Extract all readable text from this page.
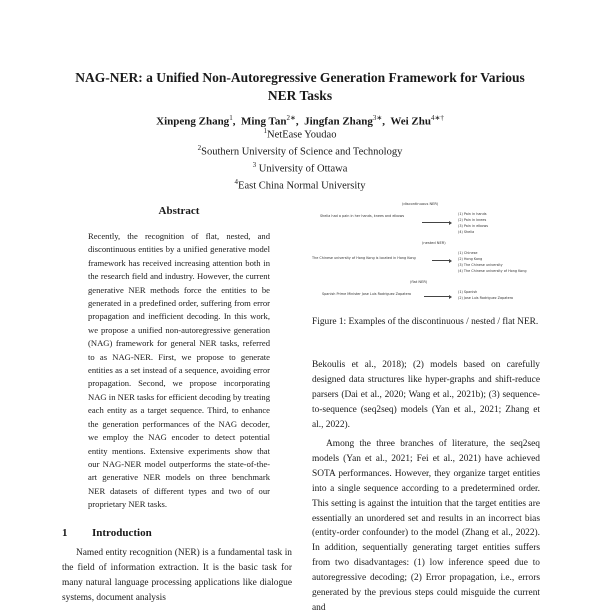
NAG-NER: a Unified Non-Autoregressive Generation Framework for Various NER Tasks
Xinpeng Zhang$^1$,  Ming Tan$^{2∗}$,  Jingfan Zhang$^{3∗}$,  Wei Zhu$^{4∗\dagger}$
$^1$NetEase Youdao
$^2$Southern University of Science and Technology
$^3$ University of Ottawa
$^4$East China Normal University
Abstract
Recently, the recognition of flat, nested, and discontinuous entities by a unified generative model framework has received increasing attention both in the research field and industry. However, the current generative NER methods force the entities to be generated in a predefined order, suffering from error propagation and inefficient decoding. In this work, we propose a unified non-autoregressive generation (NAG) framework for general NER tasks, referred to as NAG-NER. First, we propose to generate entities as a set instead of a sequence, avoiding error propagation. Second, we propose incorporating NAG in NER tasks for efficient decoding by treating each entity as a target sequence. Third, to enhance the generation performances of the NAG decoder, we employ the NAG encoder to detect potential entity mentions. Extensive experiments show that our NAG-NER model outperforms the state-of-the-art generative NER models on three benchmark NER datasets of different types and two of our proprietary NER tasks.
1 Introduction
Named entity recognition (NER) is a fundamental task in the field of information extraction. It is the basic task for many natural language processing applications like dialogue systems, document analysis
(discontinuous NER)
Shelia had a pain in her hands, knees and elbows	(1) Pain in hands
(2) Pain in knees
(3) Pain in elbows
(4) Shelia
(nested NER)
The Chinese university of Hong Kong is located in Hong Kong
(1) Chinese
(2) Hong Kong
(3) The Chinese university
(4) The Chinese university of Hong Kong
(flat NER)
Spanish Prime Minister Jose Luis Rodriguez Zapatero	(1) Spanish
(2) Jose Luis Rodriguez Zapatero
Figure 1: Examples of the discontinuous / nested / flat NER.

Bekoulis et al., 2018); (2) models based on carefully designed data structures like hyper-graphs and shift-reduce parsers (Dai et al., 2020; Wang et al., 2021b); (3) sequence-to-sequence (seq2seq) models (Yan et al., 2021; Zhang et al., 2022).

Among the three branches of literature, the seq2seq models (Yan et al., 2021; Fei et al., 2021) have achieved SOTA performances. However, they organize target entities into a single sequence according to a predetermined order. This setting is against the intuition that the target entities are essentially an unordered set and results in an incorrect bias (entity-order confounder) to the model (Zhang et al., 2022). In addition, sequentially generating target entities suffers from two disadvantages: (1) low inference speed due to autoregressive decoding; (2) Error propagation, i.e., errors generated by the previous steps could misguide the current and
